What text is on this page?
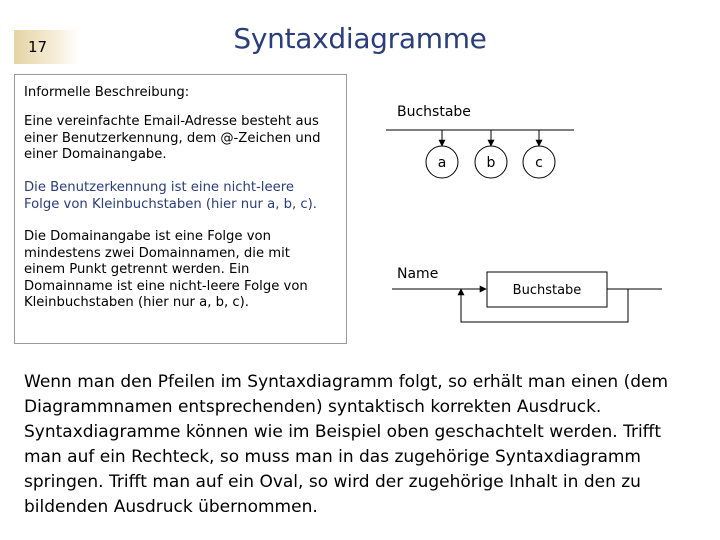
17	Syntaxdiagramme
Informelle Beschreibung:
Eine vereinfachte Email-Adresse besteht aus
einer Benutzerkennung, dem @-Zeichen und
einer Domainangabe.
Die Benutzerkennung ist eine nicht-leere
Folge von Kleinbuchstaben (hier nur a, b, c).
Die Domainangabe ist eine Folge von
mindestens zwei Domainnamen, die mit
einem Punkt getrennt werden. Ein
Domainname ist eine nicht-leere Folge von
Kleinbuchstaben (hier nur a, b, c).
Buchstabe
a	b	c
Name
Buchstabe
Wenn man den Pfeilen im Syntaxdiagramm folgt, so erhält man einen (dem
Diagrammnamen entsprechenden) syntaktisch korrekten Ausdruck.
Syntaxdiagramme können wie im Beispiel oben geschachtelt werden. Trifft
man auf ein Rechteck, so muss man in das zugehörige Syntaxdiagramm
springen. Trifft man auf ein Oval, so wird der zugehörige Inhalt in den zu
bildenden Ausdruck übernommen.
